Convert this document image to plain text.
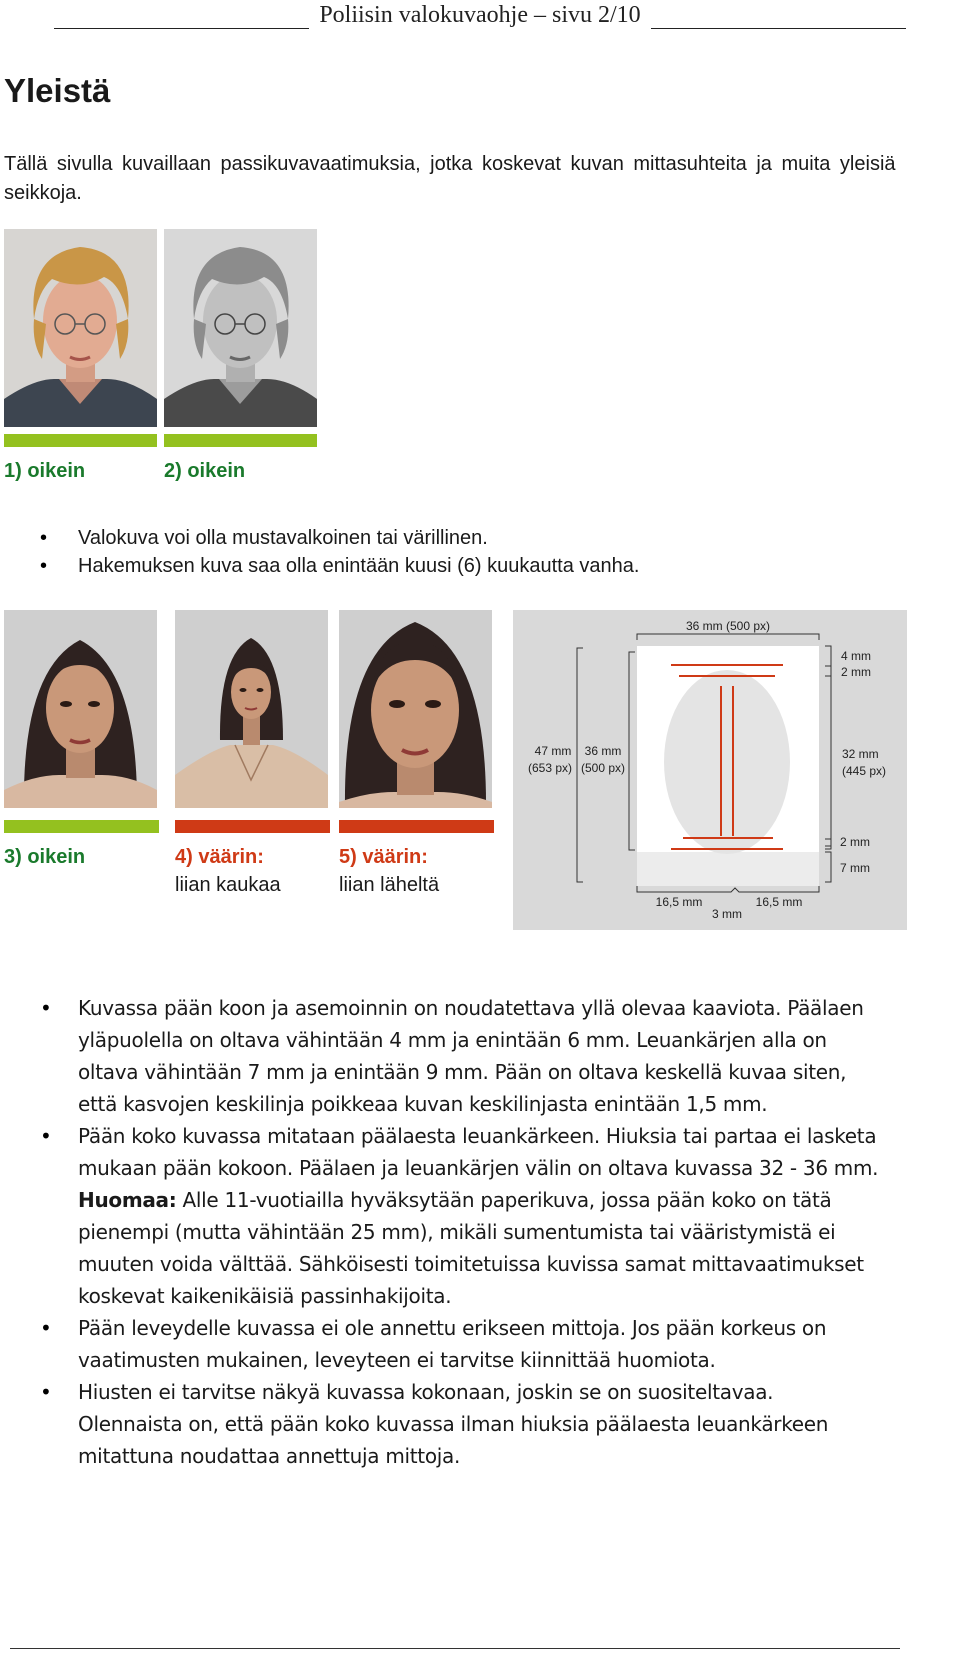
Poliisin valokuvaohje – sivu 2/10
Yleistä
Tällä sivulla kuvaillaan passikuvavaatimuksia, jotka koskevat kuvan mittasuhteita ja muita yleisiä seikkoja.
1) oikein	2) oikein
• Valokuva voi olla mustavalkoinen tai värillinen.
• Hakemuksen kuva saa olla enintään kuusi (6) kuukautta vanha.
3) oikein	4) väärin:
liian kaukaa
5) väärin:
liian läheltä
36 mm (500 px)
47 mm
(653 px)
36 mm
(500 px)
4 mm
2 mm
32 mm
(445 px)
2 mm
7 mm
16,5 mm	16,5 mm
3 mm
• Kuvassa pään koon ja asemoinnin on noudatettava yllä olevaa kaaviota. Päälaen yläpuolella on oltava vähintään 4 mm ja enintään 6 mm. Leuankärjen alla on oltava vähintään 7 mm ja enintään 9 mm. Pään on oltava keskellä kuvaa siten, että kasvojen keskilinja poikkeaa kuvan keskilinjasta enintään 1,5 mm.
• Pään koko kuvassa mitataan päälaesta leuankärkeen. Hiuksia tai partaa ei lasketa mukaan pään kokoon. Päälaen ja leuankärjen välin on oltava kuvassa 32 - 36 mm.
Huomaa: Alle 11-vuotiailla hyväksytään paperikuva, jossa pään koko on tätä pienempi (mutta vähintään 25 mm), mikäli sumentumista tai vääristymistä ei muuten voida välttää. Sähköisesti toimitetuissa kuvissa samat mittavaatimukset koskevat kaikenikäisiä passinhakijoita.
• Pään leveydelle kuvassa ei ole annettu erikseen mittoja. Jos pään korkeus on vaatimusten mukainen, leveyteen ei tarvitse kiinnittää huomiota.
• Hiusten ei tarvitse näkyä kuvassa kokonaan, joskin se on suositeltavaa. Olennaista on, että pään koko kuvassa ilman hiuksia päälaesta leuankärkeen mitattuna noudattaa annettuja mittoja.
